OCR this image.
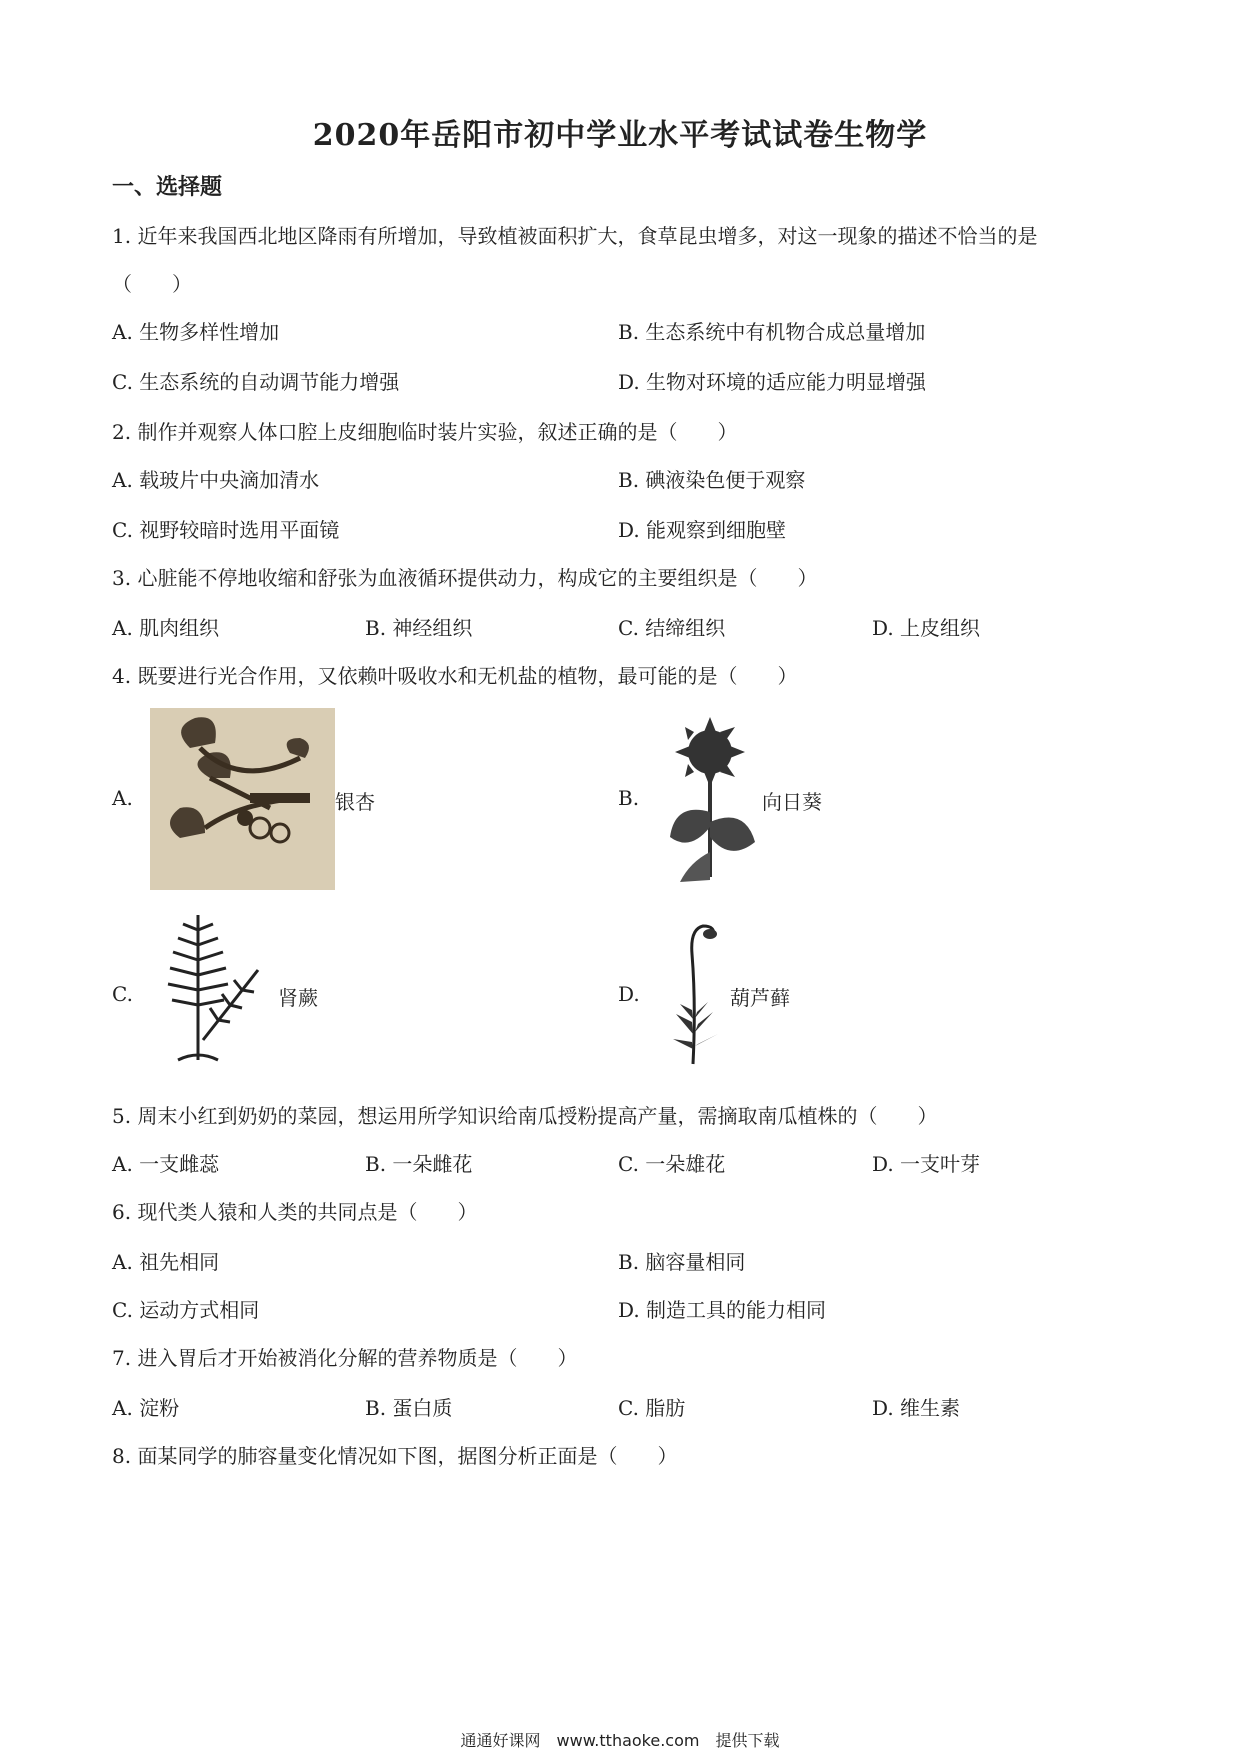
2020年岳阳市初中学业水平考试试卷生物学
一、选择题
1. 近年来我国西北地区降雨有所增加，导致植被面积扩大，食草昆虫增多，对这一现象的描述不恰当的是
（　　）
A. 生物多样性增加	B. 生态系统中有机物合成总量增加
C. 生态系统的自动调节能力增强	D. 生物对环境的适应能力明显增强
2. 制作并观察人体口腔上皮细胞临时装片实验，叙述正确的是（　　）
A. 载玻片中央滴加清水	B. 碘液染色便于观察
C. 视野较暗时选用平面镜	D. 能观察到细胞壁
3. 心脏能不停地收缩和舒张为血液循环提供动力，构成它的主要组织是（　　）
A. 肌肉组织	B. 神经组织	C. 结缔组织	D. 上皮组织
4. 既要进行光合作用，又依赖叶吸收水和无机盐的植物，最可能的是（　　）
A.	银杏	B.	向日葵
C.	肾蕨	D.	葫芦藓
5. 周末小红到奶奶的菜园，想运用所学知识给南瓜授粉提高产量，需摘取南瓜植株的（　　）
A. 一支雌蕊	B. 一朵雌花	C. 一朵雄花	D. 一支叶芽
6. 现代类人猿和人类的共同点是（　　）
A. 祖先相同	B. 脑容量相同
C. 运动方式相同	D. 制造工具的能力相同
7. 进入胃后才开始被消化分解的营养物质是（　　）
A. 淀粉	B. 蛋白质	C. 脂肪	D. 维生素
8. 面某同学的肺容量变化情况如下图，据图分析正面是（　　）
通通好课网　www.tthaoke.com　提供下载
